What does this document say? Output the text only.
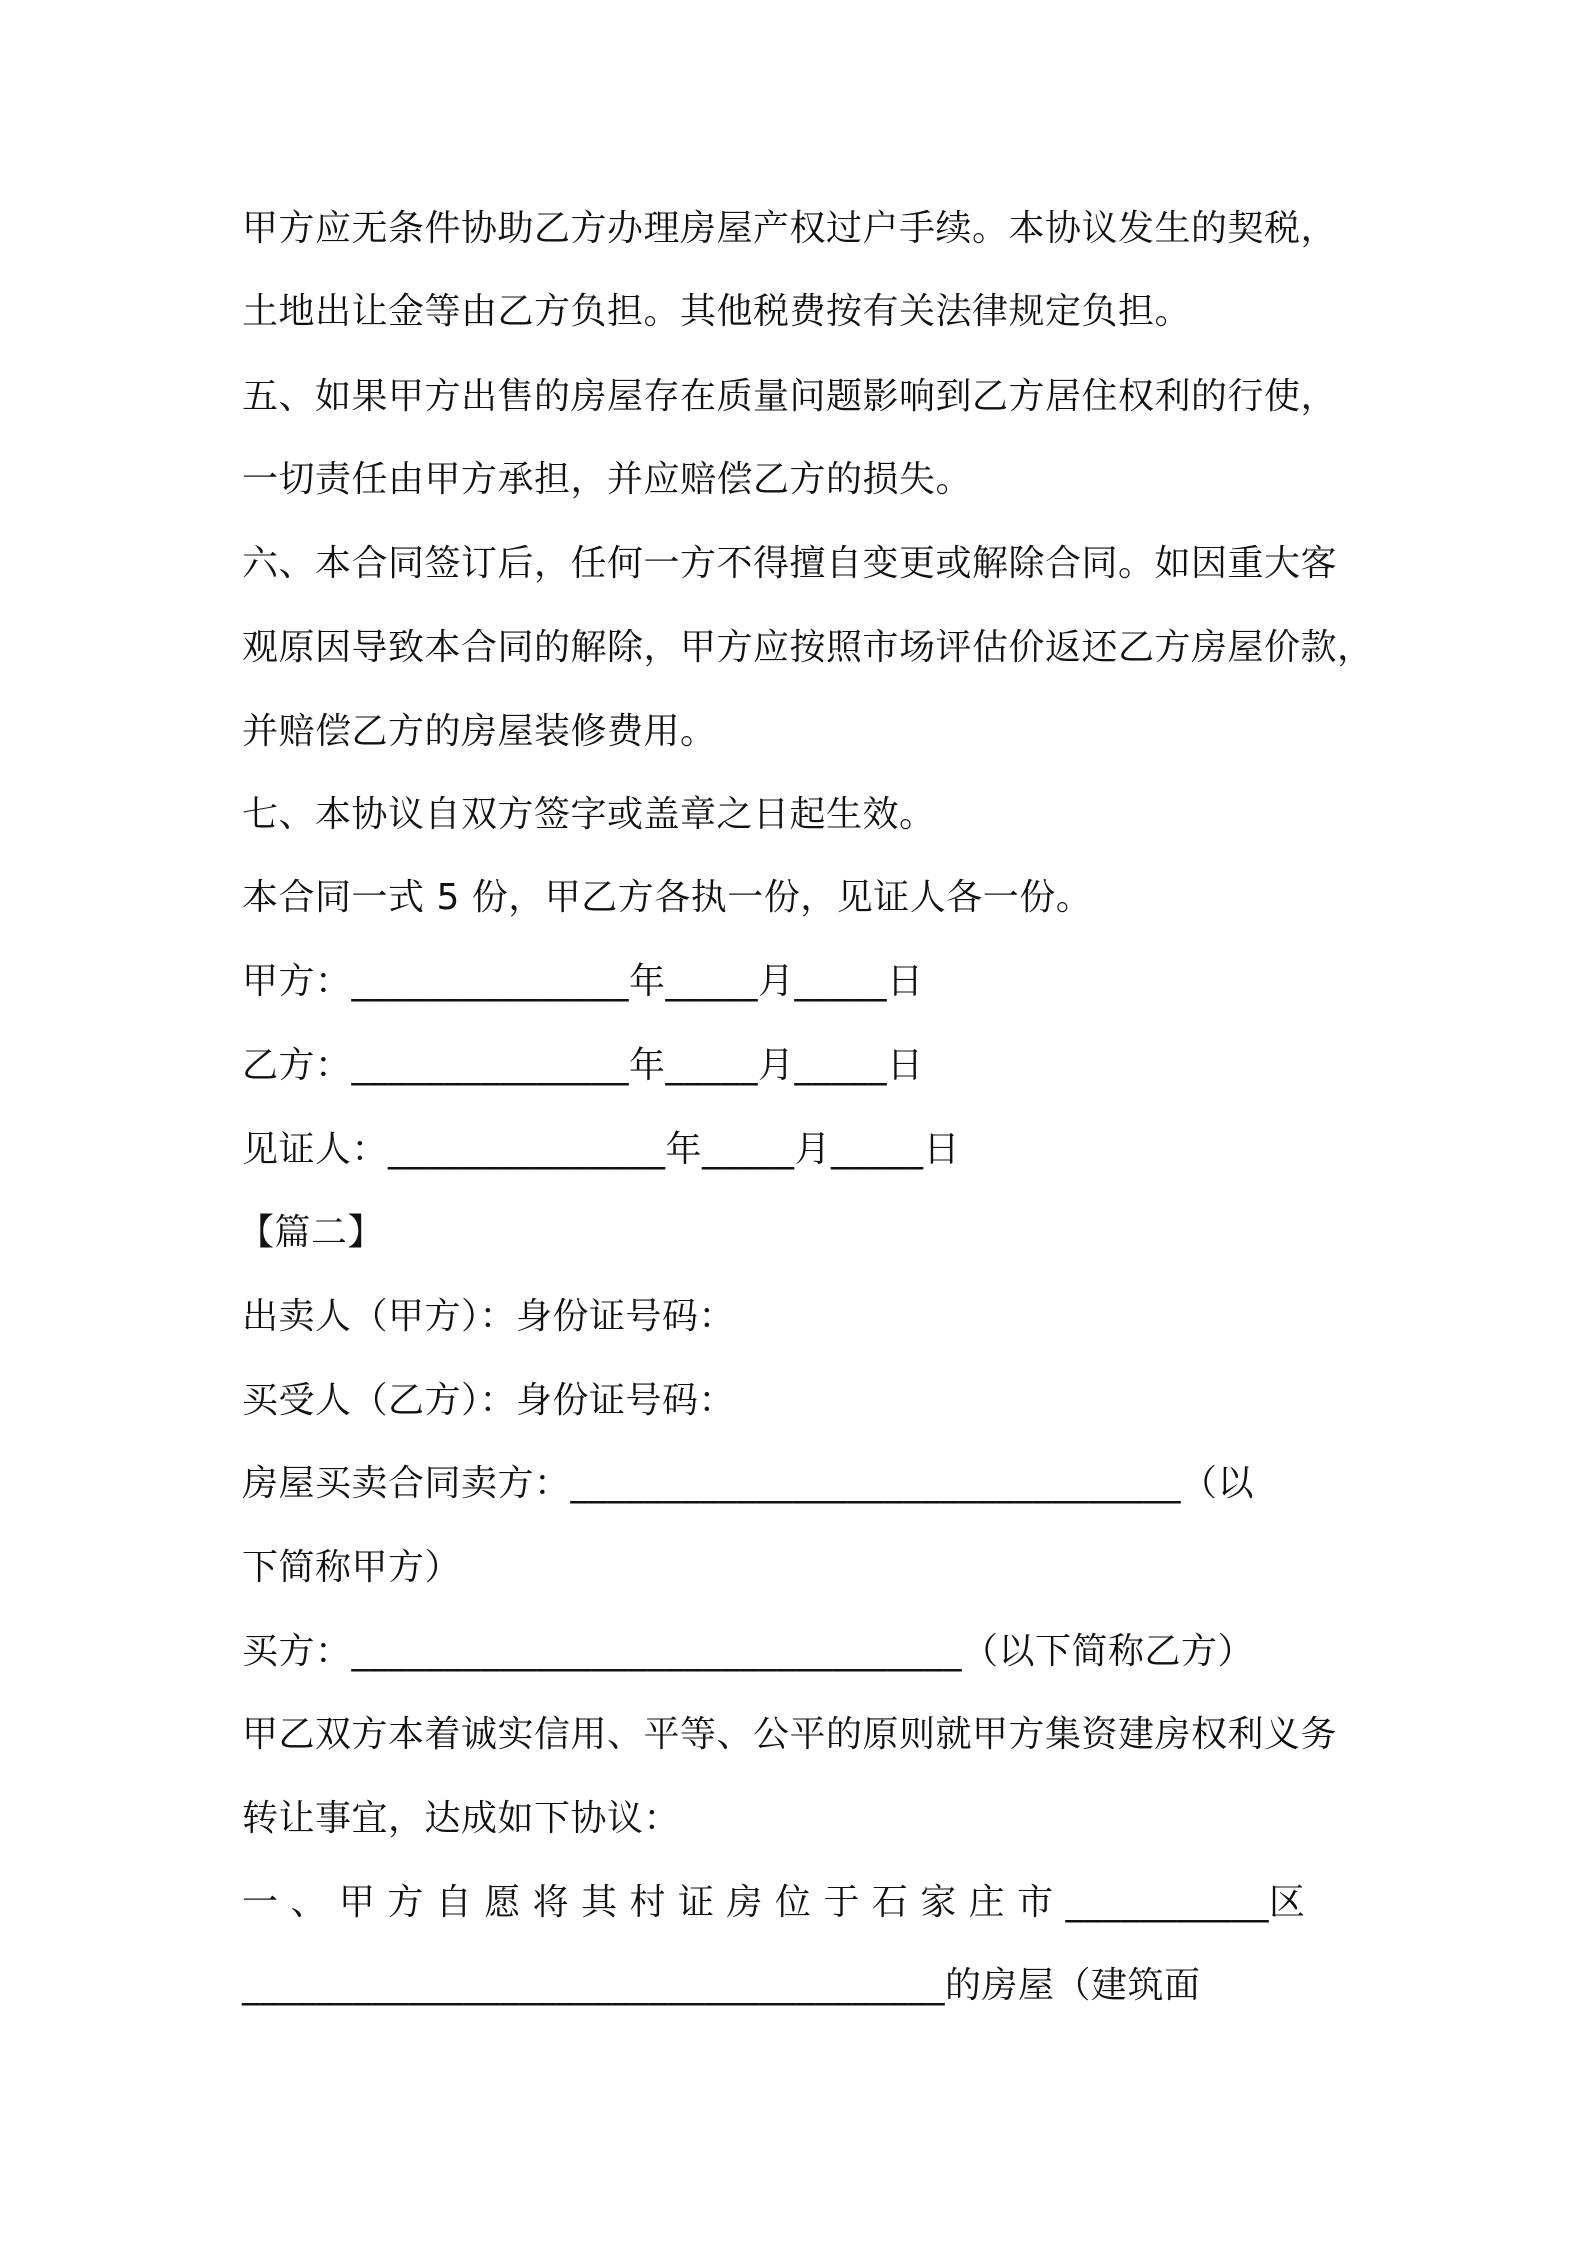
甲方应无条件协助乙方办理房屋产权过户手续。本协议发生的契税，
土地出让金等由乙方负担。其他税费按有关法律规定负担。
五、如果甲方出售的房屋存在质量问题影响到乙方居住权利的行使，
一切责任由甲方承担，并应赔偿乙方的损失。
六、本合同签订后，任何一方不得擅自变更或解除合同。如因重大客
观原因导致本合同的解除，甲方应按照市场评估价返还乙方房屋价款，
并赔偿乙方的房屋装修费用。
七、本协议自双方签字或盖章之日起生效。
本合同一式 5 份，甲乙方各执一份，见证人各一份。
甲方：_______________年_____月_____日
乙方：_______________年_____月_____日
见证人：_______________年_____月_____日
【篇二】
出卖人（甲方）：身份证号码：
买受人（乙方）：身份证号码：
房屋买卖合同卖方：_________________________________（以
下简称甲方）
买方：_________________________________（以下简称乙方）
甲乙双方本着诚实信用、平等、公平的原则就甲方集资建房权利义务
转让事宜，达成如下协议：
一 、 甲 方 自 愿 将 其 村 证 房 位 于 石 家 庄 市 ___________区
______________________________________的房屋（建筑面
